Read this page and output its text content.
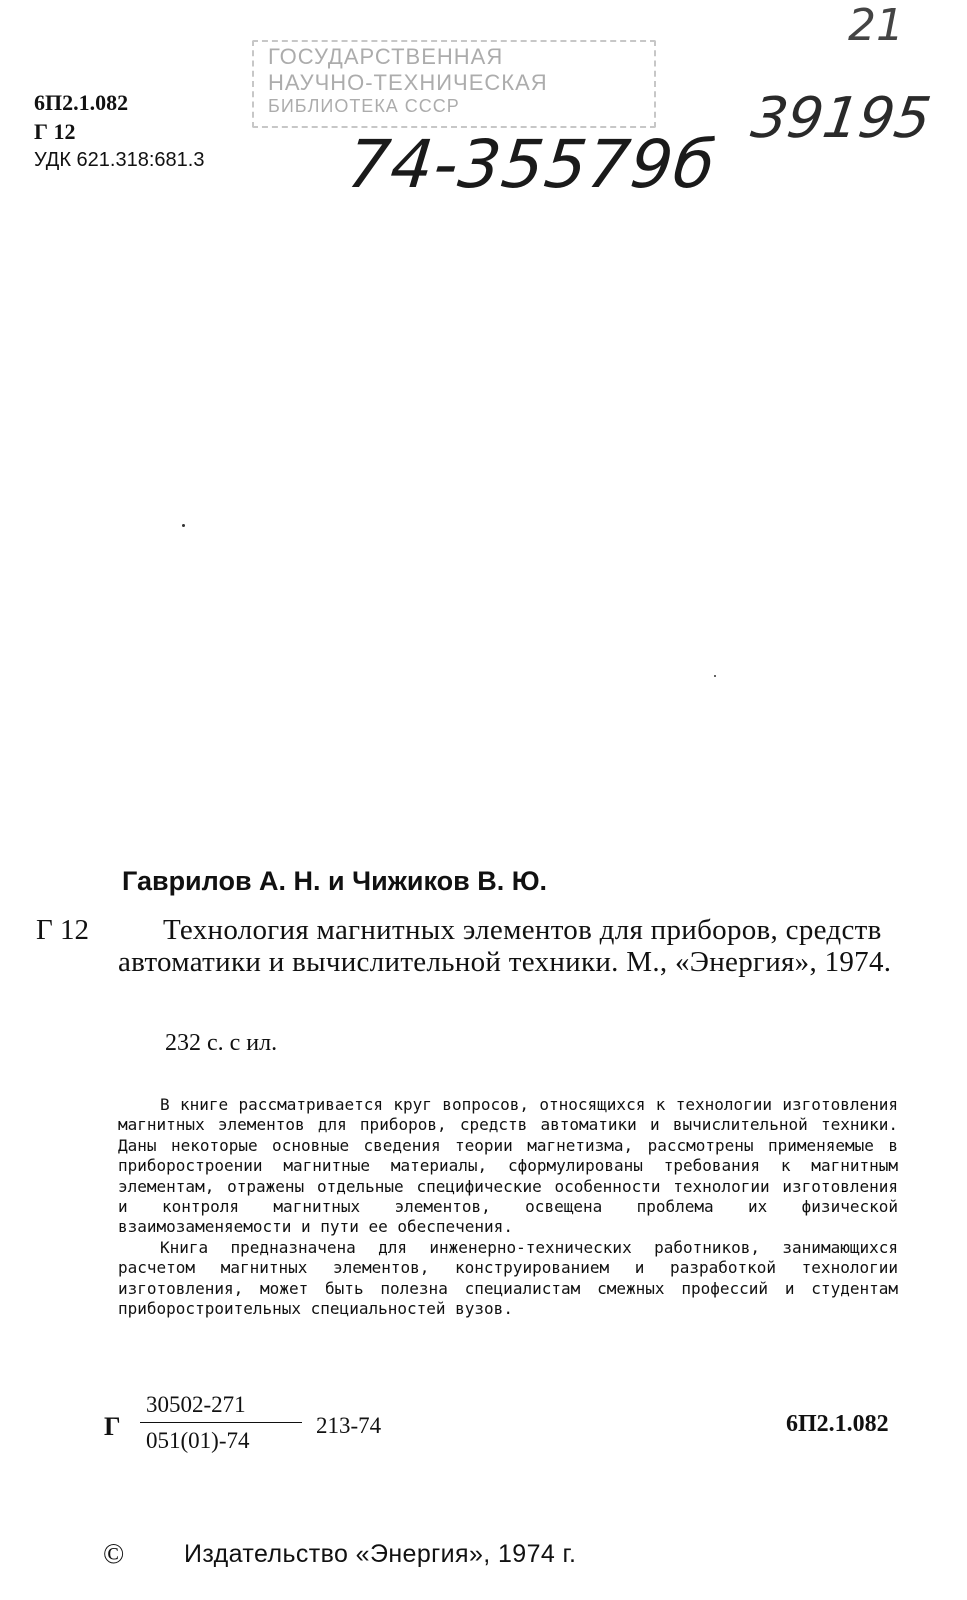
6П2.1.082
Г 12
УДК 621.318:681.3
ГОСУДАРСТВЕННАЯ
НАУЧНО-ТЕХНИЧЕСКАЯ
БИБЛИОТЕКА СССР
74-35579б
39195
21
Гаврилов А. Н. и Чижиков В. Ю.
Г 12	Технология магнитных элементов для приборов, средств автоматики и вычислительной техники. М., «Энергия», 1974.
232 с. с ил.

В книге рассматривается круг вопросов, относящихся к технологии изготовления магнитных элементов для приборов, средств автоматики и вычислительной техники. Даны некоторые основные сведения теории магнетизма, рассмотрены применяемые в приборостроении магнитные материалы, сформулированы требования к магнитным элементам, отражены отдельные специфические особенности технологии изготовления и контроля магнитных элементов, освещена проблема их физической взаимозаменяемости и пути ее обеспечения.

Книга предназначена для инженерно-технических работников, занимающихся расчетом магнитных элементов, конструированием и разработкой технологии изготовления, может быть полезна специалистам смежных профессий и студентам приборостроительных специальностей вузов.

Г
30502-271
051(01)-74
213-74	6П2.1.082
© Издательство «Энергия», 1974 г.
